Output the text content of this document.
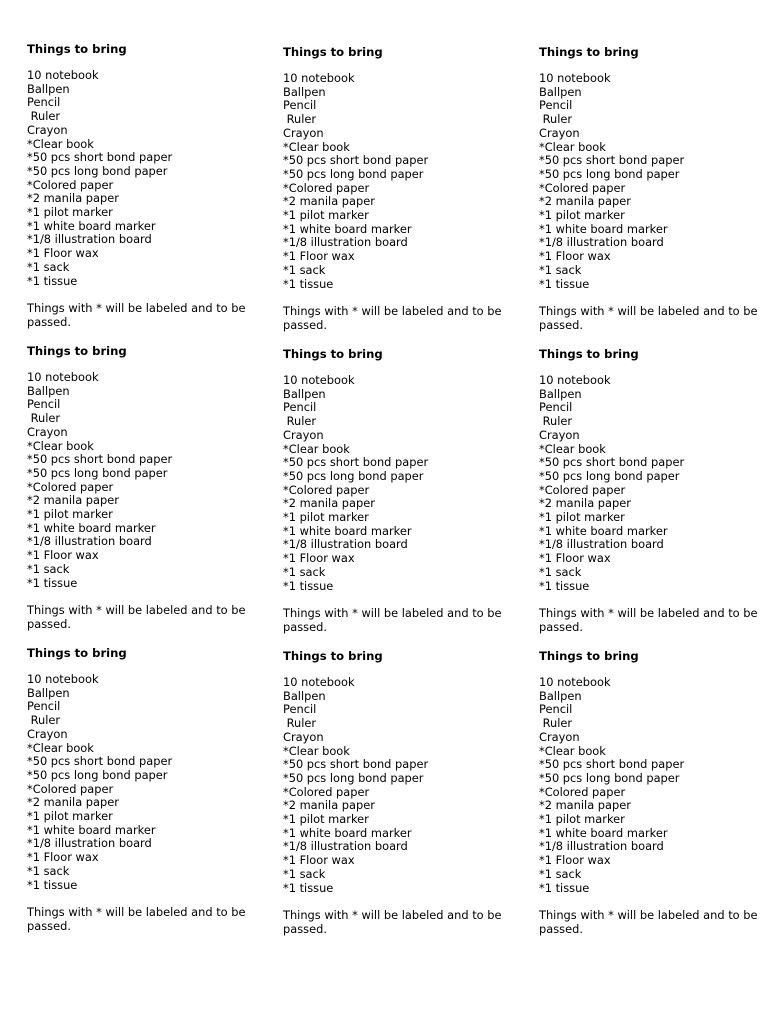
Things to bring
10 notebook
Ballpen
Pencil
Ruler
Crayon
*Clear book
*50 pcs short bond paper
*50 pcs long bond paper
*Colored paper
*2 manila paper
*1 pilot marker
*1 white board marker
*1/8 illustration board
*1 Floor wax
*1 sack
*1 tissue
Things with * will be labeled and to be passed.
Things to bring
10 notebook
Ballpen
Pencil
Ruler
Crayon
*Clear book
*50 pcs short bond paper
*50 pcs long bond paper
*Colored paper
*2 manila paper
*1 pilot marker
*1 white board marker
*1/8 illustration board
*1 Floor wax
*1 sack
*1 tissue
Things with * will be labeled and to be passed.
Things to bring
10 notebook
Ballpen
Pencil
Ruler
Crayon
*Clear book
*50 pcs short bond paper
*50 pcs long bond paper
*Colored paper
*2 manila paper
*1 pilot marker
*1 white board marker
*1/8 illustration board
*1 Floor wax
*1 sack
*1 tissue
Things with * will be labeled and to be passed.
Things to bring
10 notebook
Ballpen
Pencil
Ruler
Crayon
*Clear book
*50 pcs short bond paper
*50 pcs long bond paper
*Colored paper
*2 manila paper
*1 pilot marker
*1 white board marker
*1/8 illustration board
*1 Floor wax
*1 sack
*1 tissue
Things with * will be labeled and to be passed.
Things to bring
10 notebook
Ballpen
Pencil
Ruler
Crayon
*Clear book
*50 pcs short bond paper
*50 pcs long bond paper
*Colored paper
*2 manila paper
*1 pilot marker
*1 white board marker
*1/8 illustration board
*1 Floor wax
*1 sack
*1 tissue
Things with * will be labeled and to be passed.
Things to bring
10 notebook
Ballpen
Pencil
Ruler
Crayon
*Clear book
*50 pcs short bond paper
*50 pcs long bond paper
*Colored paper
*2 manila paper
*1 pilot marker
*1 white board marker
*1/8 illustration board
*1 Floor wax
*1 sack
*1 tissue
Things with * will be labeled and to be passed.
Things to bring
10 notebook
Ballpen
Pencil
Ruler
Crayon
*Clear book
*50 pcs short bond paper
*50 pcs long bond paper
*Colored paper
*2 manila paper
*1 pilot marker
*1 white board marker
*1/8 illustration board
*1 Floor wax
*1 sack
*1 tissue
Things with * will be labeled and to be passed.
Things to bring
10 notebook
Ballpen
Pencil
Ruler
Crayon
*Clear book
*50 pcs short bond paper
*50 pcs long bond paper
*Colored paper
*2 manila paper
*1 pilot marker
*1 white board marker
*1/8 illustration board
*1 Floor wax
*1 sack
*1 tissue
Things with * will be labeled and to be passed.
Things to bring
10 notebook
Ballpen
Pencil
Ruler
Crayon
*Clear book
*50 pcs short bond paper
*50 pcs long bond paper
*Colored paper
*2 manila paper
*1 pilot marker
*1 white board marker
*1/8 illustration board
*1 Floor wax
*1 sack
*1 tissue
Things with * will be labeled and to be passed.
